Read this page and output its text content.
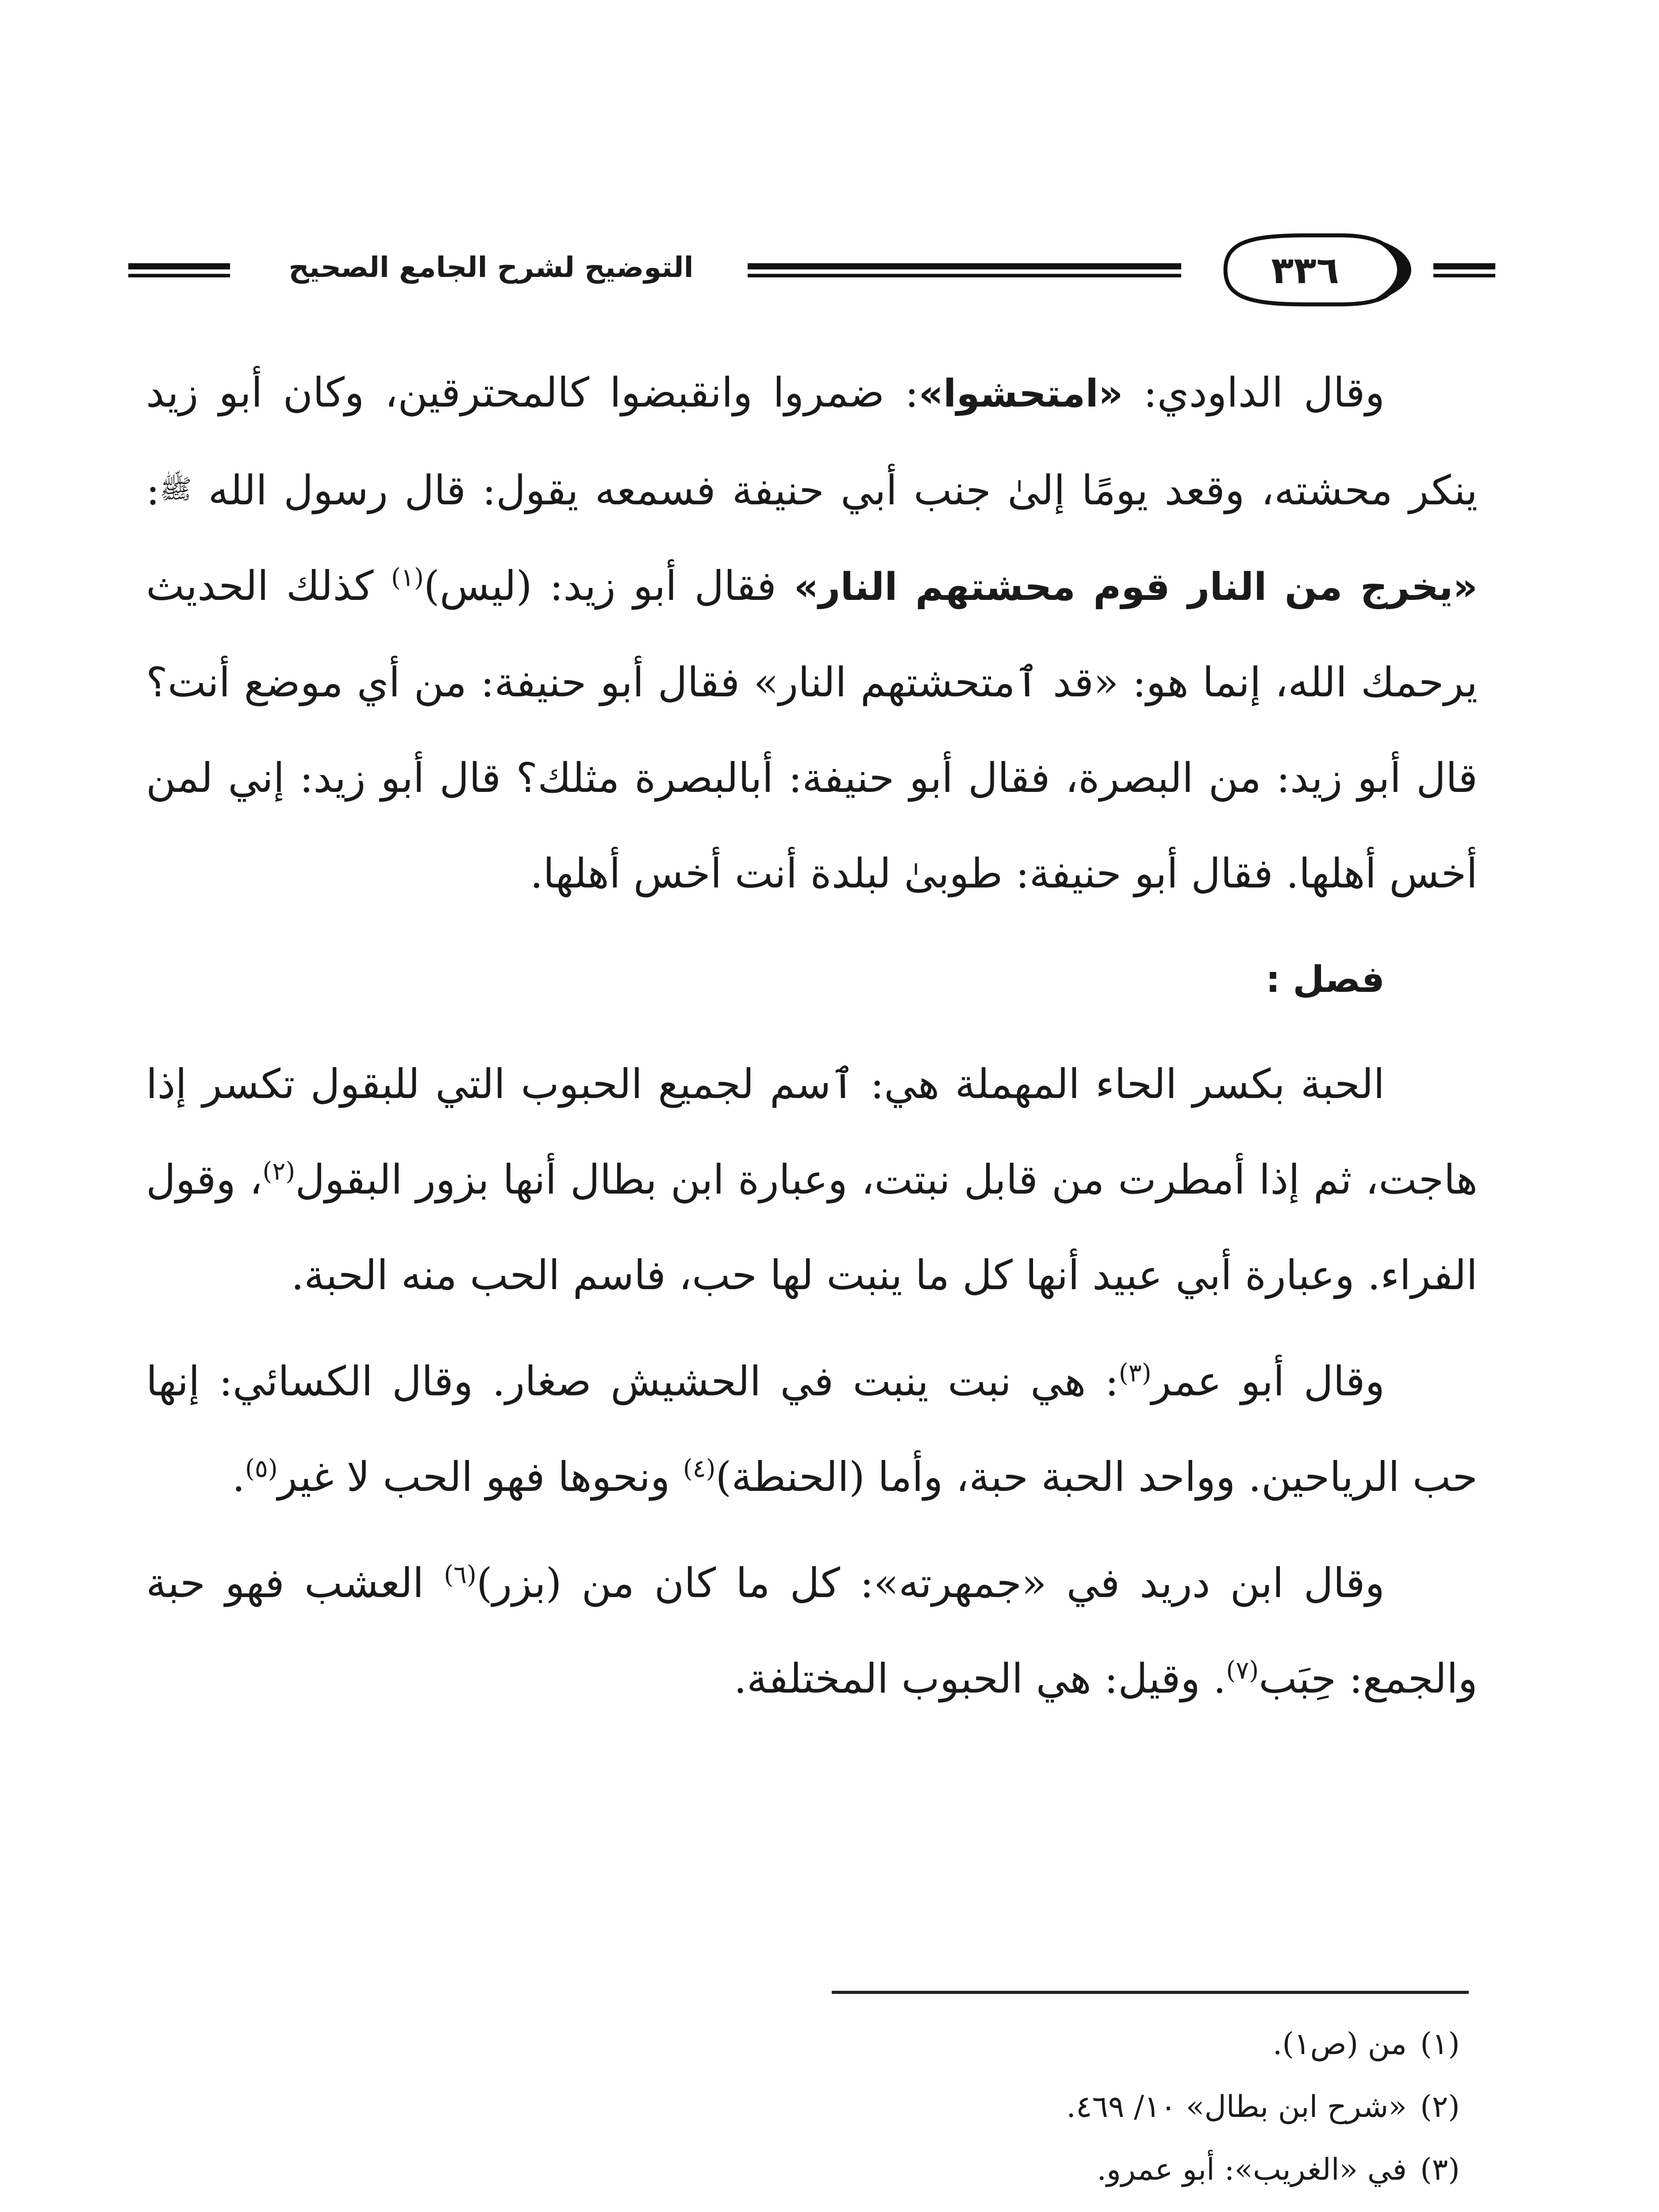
التوضيح لشرح الجامع الصحيح	٣٣٦

وقال الداودي: «امتحشوا»: ضمروا وانقبضوا كالمحترقين، وكان أبو زيد ينكر محشته، وقعد يومًا إلىٰ جنب أبي حنيفة فسمعه يقول: قال رسول الله ﷺ: «يخرج من النار قوم محشتهم النار» فقال أبو زيد: (ليس)$^{(١)}$ كذلك الحديث يرحمك الله، إنما هو: «قد ٱمتحشتهم النار» فقال أبو حنيفة: من أي موضع أنت؟ قال أبو زيد: من البصرة، فقال أبو حنيفة: أبالبصرة مثلك؟ قال أبو زيد: إني لمن أخس أهلها. فقال أبو حنيفة: طوبىٰ لبلدة أنت أخس أهلها.

فصل :

الحبة بكسر الحاء المهملة هي: ٱسم لجميع الحبوب التي للبقول تكسر إذا هاجت، ثم إذا أمطرت من قابل نبتت، وعبارة ابن بطال أنها بزور البقول$^{(٢)}$، وقول الفراء. وعبارة أبي عبيد أنها كل ما ينبت لها حب، فاسم الحب منه الحبة.

وقال أبو عمر$^{(٣)}$: هي نبت ينبت في الحشيش صغار. وقال الكسائي: إنها حب الرياحين. وواحد الحبة حبة، وأما (الحنطة)$^{(٤)}$ ونحوها فهو الحب لا غير$^{(٥)}$.

وقال ابن دريد في «جمهرته»: كل ما كان من (بزر)$^{(٦)}$ العشب فهو حبة والجمع: حِبَب$^{(٧)}$. وقيل: هي الحبوب المختلفة.

(١)من (ص١).
(٢)«شرح ابن بطال» ١٠/ ٤٦٩.
(٣)في «الغريب»: أبو عمرو.
